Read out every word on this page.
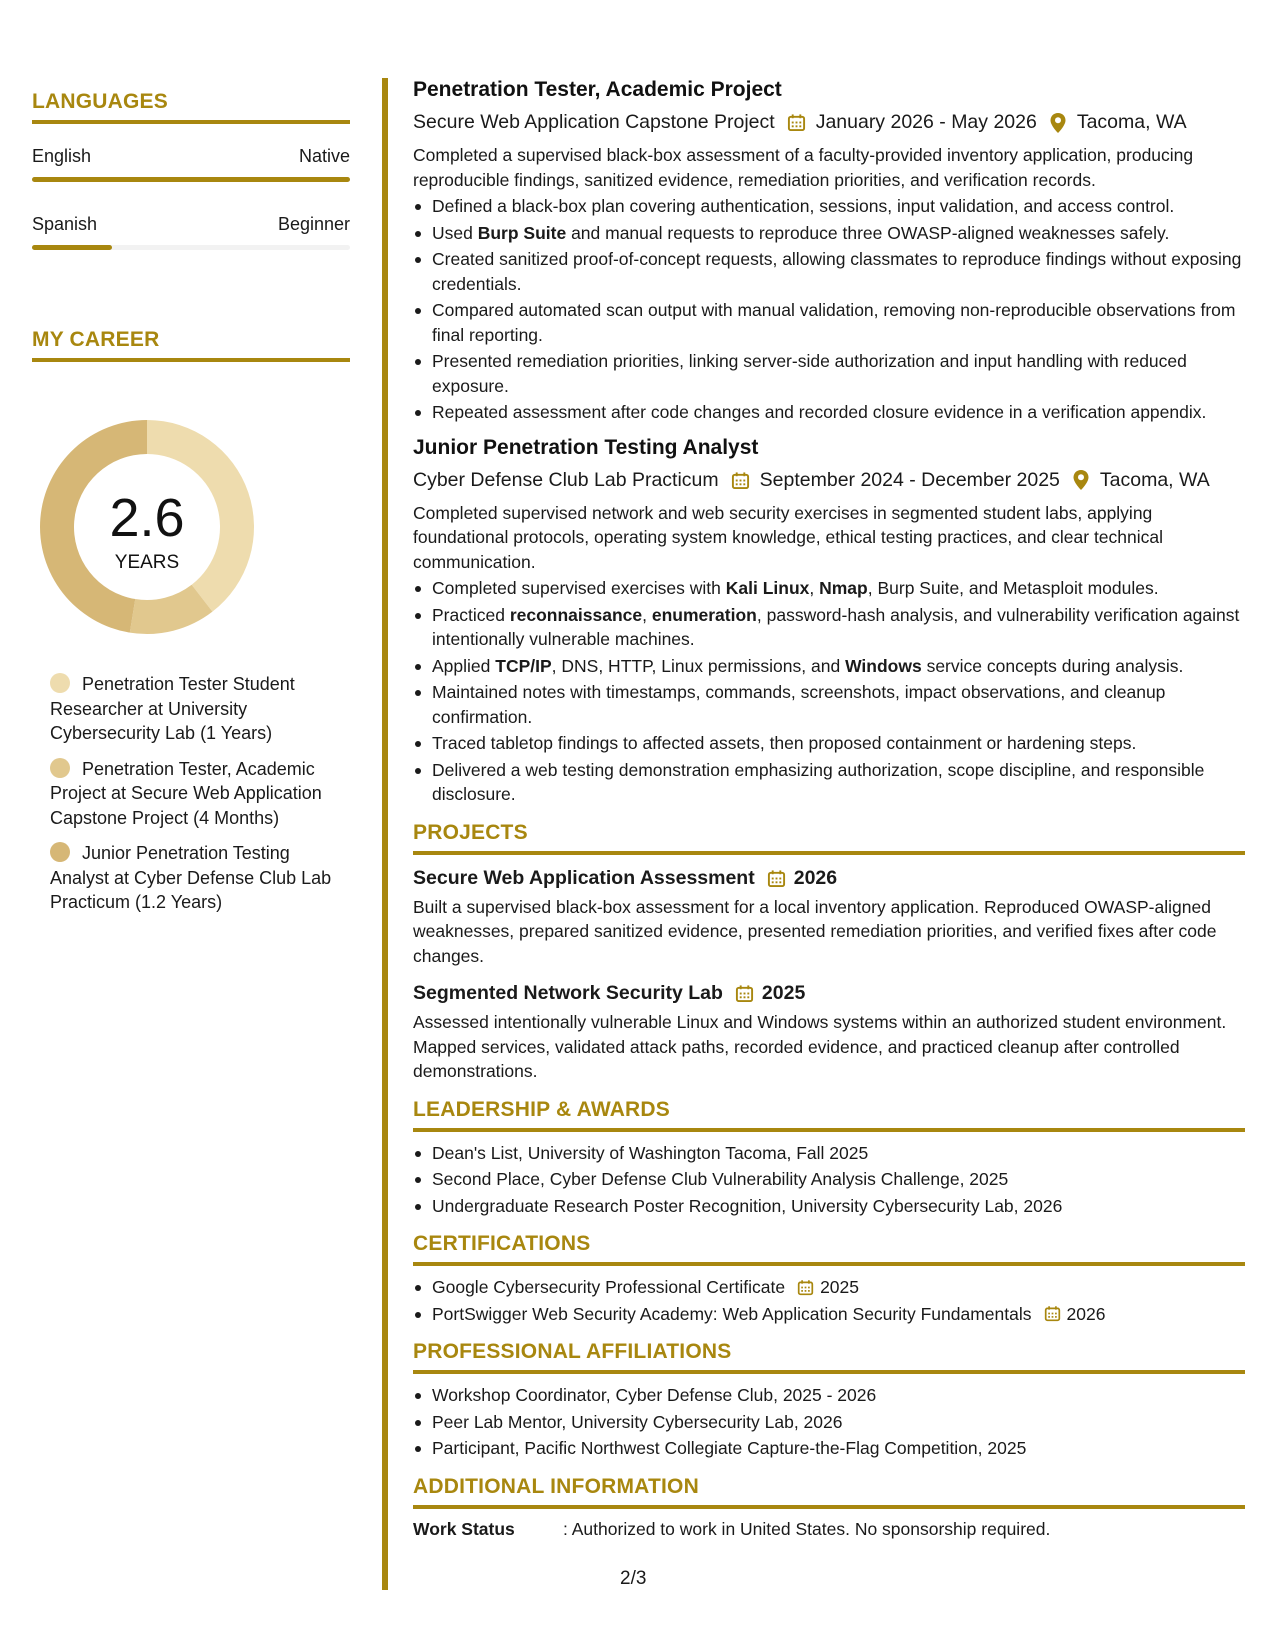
LANGUAGES
English	Native
Spanish	Beginner
MY CAREER
2.6
YEARS
Penetration Tester Student Researcher at University Cybersecurity Lab (1 Years)
Penetration Tester, Academic Project at Secure Web Application Capstone Project (4 Months)
Junior Penetration Testing Analyst at Cyber Defense Club Lab Practicum (1.2 Years)
Penetration Tester, Academic Project
Secure Web Application Capstone Project January 2026 - May 2026 Tacoma, WA
Completed a supervised black-box assessment of a faculty-provided inventory application, producing reproducible findings, sanitized evidence, remediation priorities, and verification records.
Defined a black-box plan covering authentication, sessions, input validation, and access control.
Used Burp Suite and manual requests to reproduce three OWASP-aligned weaknesses safely.
Created sanitized proof-of-concept requests, allowing classmates to reproduce findings without exposing credentials.
Compared automated scan output with manual validation, removing non-reproducible observations from final reporting.
Presented remediation priorities, linking server-side authorization and input handling with reduced exposure.
Repeated assessment after code changes and recorded closure evidence in a verification appendix.
Junior Penetration Testing Analyst
Cyber Defense Club Lab Practicum September 2024 - December 2025 Tacoma, WA
Completed supervised network and web security exercises in segmented student labs, applying foundational protocols, operating system knowledge, ethical testing practices, and clear technical communication.
Completed supervised exercises with Kali Linux, Nmap, Burp Suite, and Metasploit modules.
Practiced reconnaissance, enumeration, password-hash analysis, and vulnerability verification against intentionally vulnerable machines.
Applied TCP/IP, DNS, HTTP, Linux permissions, and Windows service concepts during analysis.
Maintained notes with timestamps, commands, screenshots, impact observations, and cleanup confirmation.
Traced tabletop findings to affected assets, then proposed containment or hardening steps.
Delivered a web testing demonstration emphasizing authorization, scope discipline, and responsible disclosure.
PROJECTS
Secure Web Application Assessment 2026
Built a supervised black-box assessment for a local inventory application. Reproduced OWASP-aligned weaknesses, prepared sanitized evidence, presented remediation priorities, and verified fixes after code changes.
Segmented Network Security Lab 2025
Assessed intentionally vulnerable Linux and Windows systems within an authorized student environment. Mapped services, validated attack paths, recorded evidence, and practiced cleanup after controlled demonstrations.
LEADERSHIP & AWARDS
Dean's List, University of Washington Tacoma, Fall 2025
Second Place, Cyber Defense Club Vulnerability Analysis Challenge, 2025
Undergraduate Research Poster Recognition, University Cybersecurity Lab, 2026
CERTIFICATIONS
Google Cybersecurity Professional Certificate 2025
PortSwigger Web Security Academy: Web Application Security Fundamentals 2026
PROFESSIONAL AFFILIATIONS
Workshop Coordinator, Cyber Defense Club, 2025 - 2026
Peer Lab Mentor, University Cybersecurity Lab, 2026
Participant, Pacific Northwest Collegiate Capture-the-Flag Competition, 2025
ADDITIONAL INFORMATION
Work Status	: Authorized to work in United States. No sponsorship required.
2/3
